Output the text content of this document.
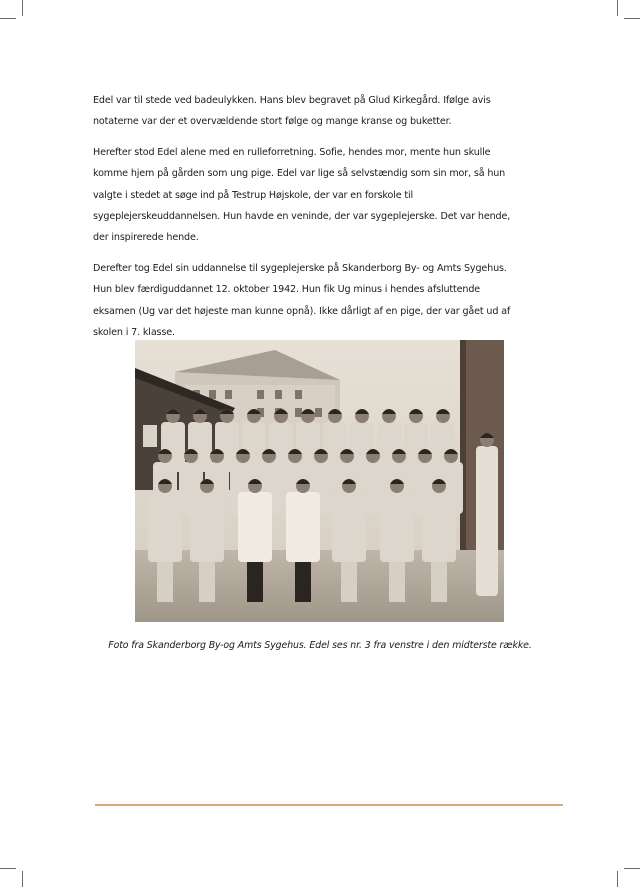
Edel var til stede ved badeulykken. Hans blev begravet på Glud Kirkegård. Ifølge avis
notaterne var der et overvældende stort følge og mange kranse og buketter.

Herefter stod Edel alene med en rulleforretning. Sofie, hendes mor, mente hun skulle
komme hjem på gården som ung pige. Edel var lige så selvstændig som sin mor, så hun
valgte i stedet at søge ind på Testrup Højskole, der var en forskole til
sygeplejerskeuddannelsen. Hun havde en veninde, der var sygeplejerske. Det var hende,
der inspirerede hende.

Derefter tog Edel sin uddannelse til sygeplejerske på Skanderborg By- og Amts Sygehus.
Hun blev færdiguddannet 12. oktober 1942. Hun fik Ug minus i hendes afsluttende
eksamen (Ug var det højeste man kunne opnå). Ikke dårligt af en pige, der var gået ud af
skolen i 7. klasse.

Foto fra Skanderborg By-og Amts Sygehus. Edel ses nr. 3 fra venstre i den midterste række.
